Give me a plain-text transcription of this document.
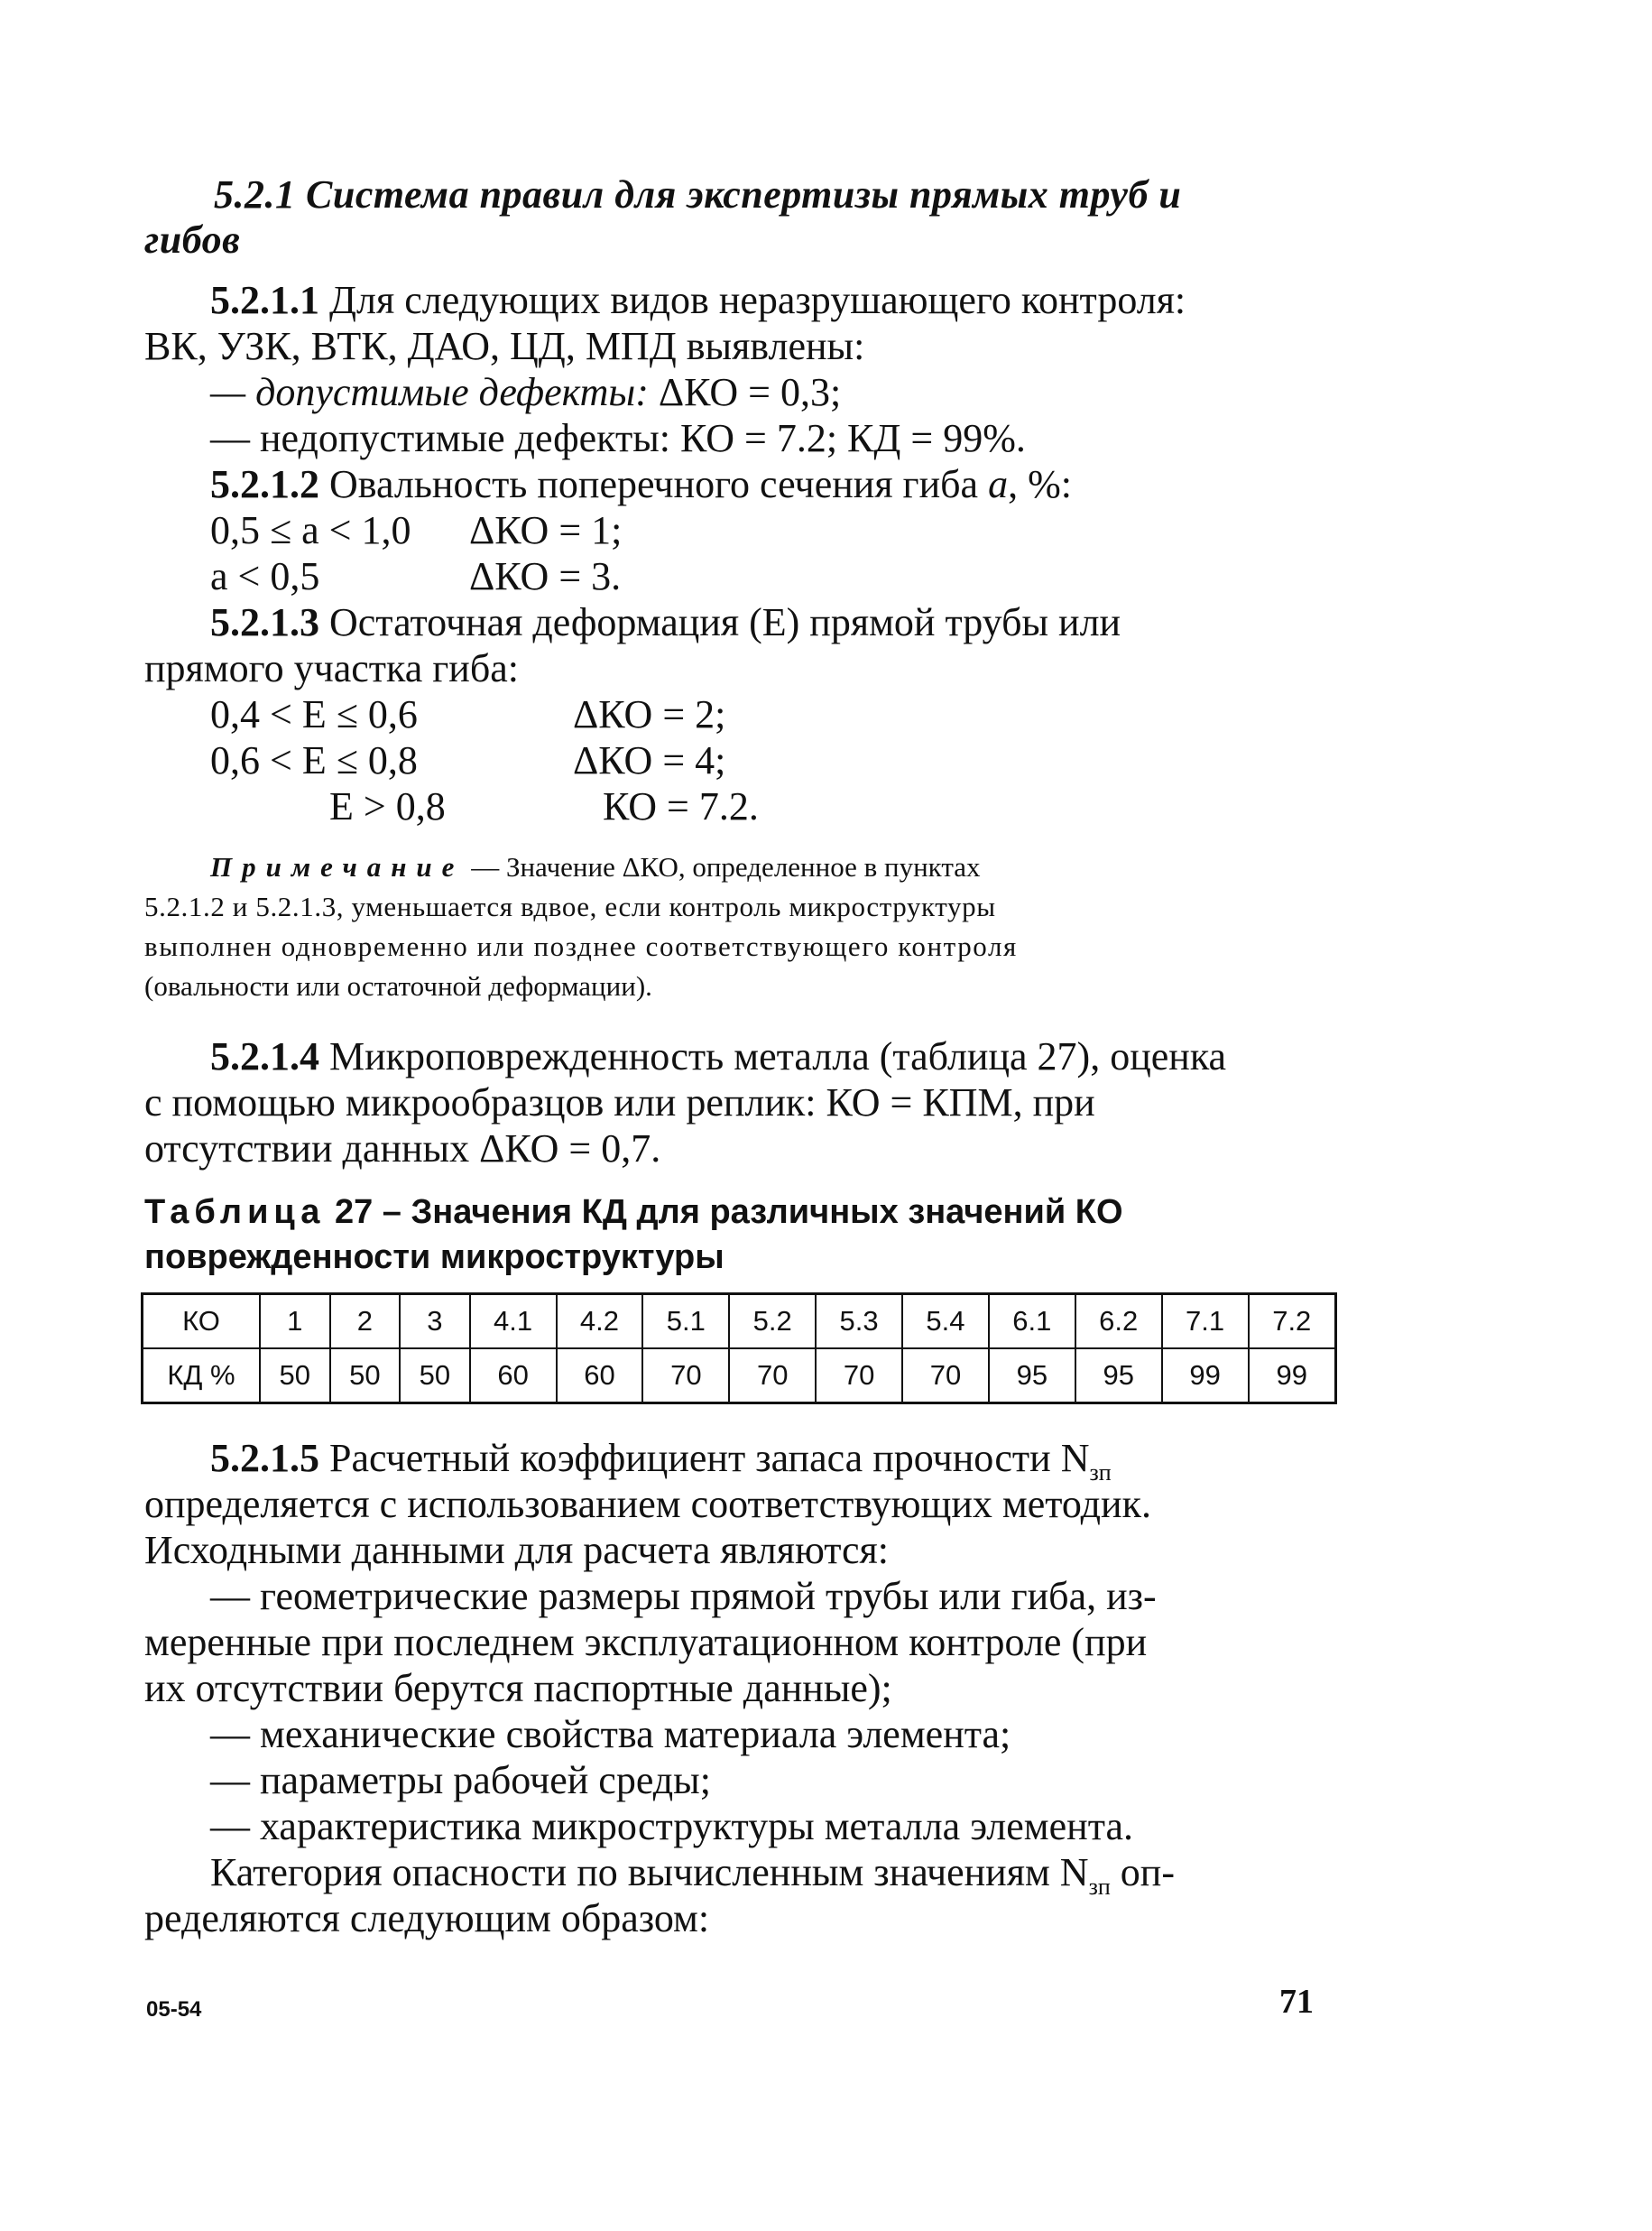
5.2.1 Система правил для экспертизы прямых труб и
гибов
5.2.1.1 Для следующих видов неразрушающего контроля:
ВК, УЗК, ВТК, ДАО, ЦД, МПД выявлены:
— допустимые дефекты: ΔКО = 0,3;
— недопустимые дефекты: КО = 7.2; КД = 99%.
5.2.1.2 Овальность поперечного сечения гиба a, %:
0,5 ≤ a < 1,0 ΔКО = 1;
a < 0,5	ΔКО = 3.
5.2.1.3 Остаточная деформация (Е) прямой трубы или
прямого участка гиба:
0,4 < Е ≤ 0,6	ΔКО = 2;
0,6 < Е ≤ 0,8	ΔКО = 4;
Е > 0,8	КО = 7.2.
Примечание — Значение ΔКО, определенное в пунктах
5.2.1.2 и 5.2.1.3, уменьшается вдвое, если контроль микроструктуры
выполнен одновременно или позднее соответствующего контроля
(овальности или остаточной деформации).
5.2.1.4 Микроповрежденность металла (таблица 27), оценка
с помощью микрообразцов или реплик: КО = КПМ, при
отсутствии данных ΔКО = 0,7.
Таблица 27 – Значения КД для различных значений КО
поврежденности микроструктуры
КО	1	2	3	4.1	4.2	5.1	5.2	5.3	5.4	6.1	6.2	7.1	7.2
КД %	50	50	50	60	60	70	70	70	70	95	95	99	99
5.2.1.5 Расчетный коэффициент запаса прочности $N_{зп}$
определяется с использованием соответствующих методик.
Исходными данными для расчета являются:
— геометрические размеры прямой трубы или гиба, из-
меренные при последнем эксплуатационном контроле (при
их отсутствии берутся паспортные данные);
— механические свойства материала элемента;
— параметры рабочей среды;
— характеристика микроструктуры металла элемента.
Категория опасности по вычисленным значениям $N_{зп}$ оп-
ределяются следующим образом:
05-54	71
